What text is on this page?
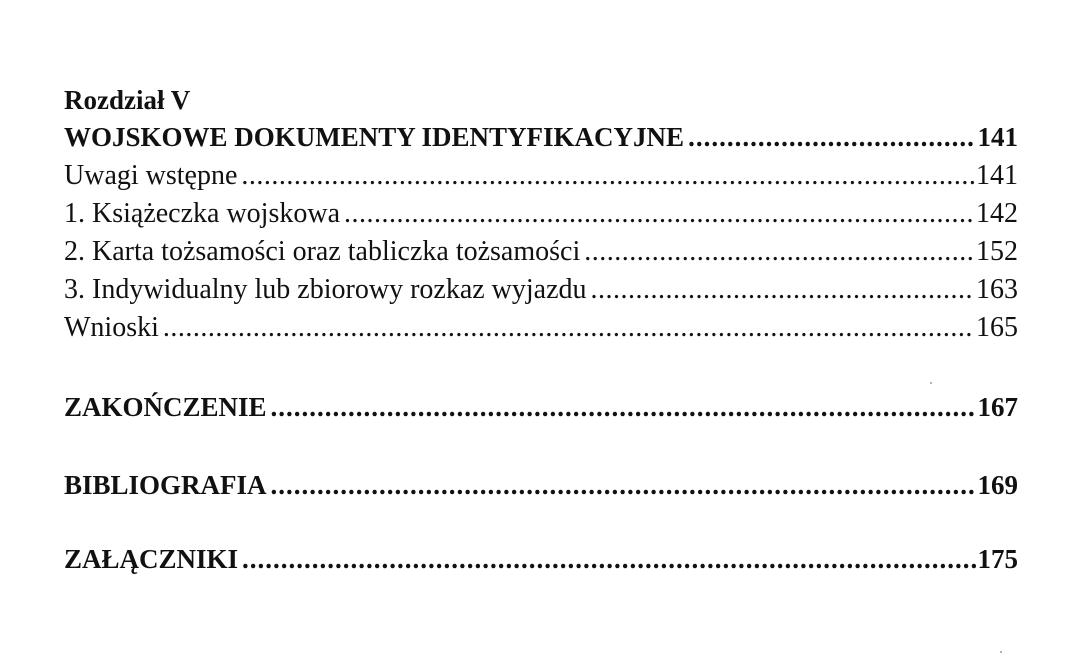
Rozdział V
WOJSKOWE DOKUMENTY IDENTYFIKACYJNE .....	141
Uwagi wstępne .....	141
1. Książeczka wojskowa .....	142
2. Karta tożsamości oraz tabliczka tożsamości .....	152
3. Indywidualny lub zbiorowy rozkaz wyjazdu .....	163
Wnioski .....	165
ZAKOŃCZENIE .....	167
BIBLIOGRAFIA .....	169
ZAŁĄCZNIKI .....	175
